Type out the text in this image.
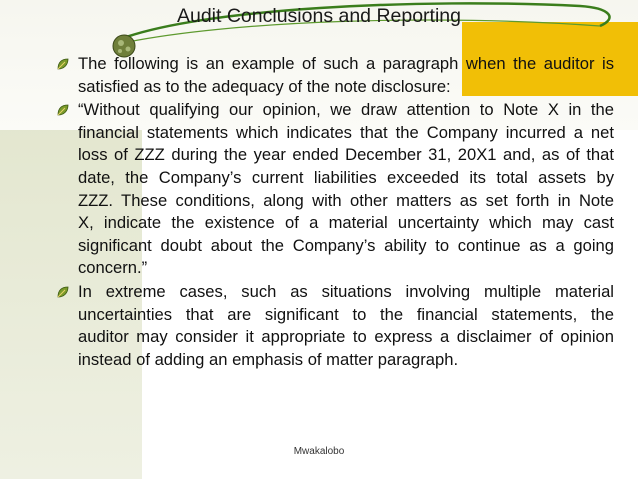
Audit Conclusions and Reporting
The following is an example of such a paragraph when the auditor is
satisfied as to the adequacy of the note disclosure:
“Without qualifying our opinion, we draw attention to Note X in the
financial statements which indicates that the Company incurred a net
loss of ZZZ during the year ended December 31, 20X1 and, as of that
date, the Company’s current liabilities exceeded its total assets by
ZZZ. These conditions, along with other matters as set forth in Note
X, indicate the existence of a material uncertainty which may cast
significant doubt about the Company’s ability to continue as a going
concern.”
In extreme cases, such as situations involving multiple material
uncertainties that are significant to the financial statements, the
auditor may consider it appropriate to express a disclaimer of opinion
instead of adding an emphasis of matter paragraph.
Mwakalobo
